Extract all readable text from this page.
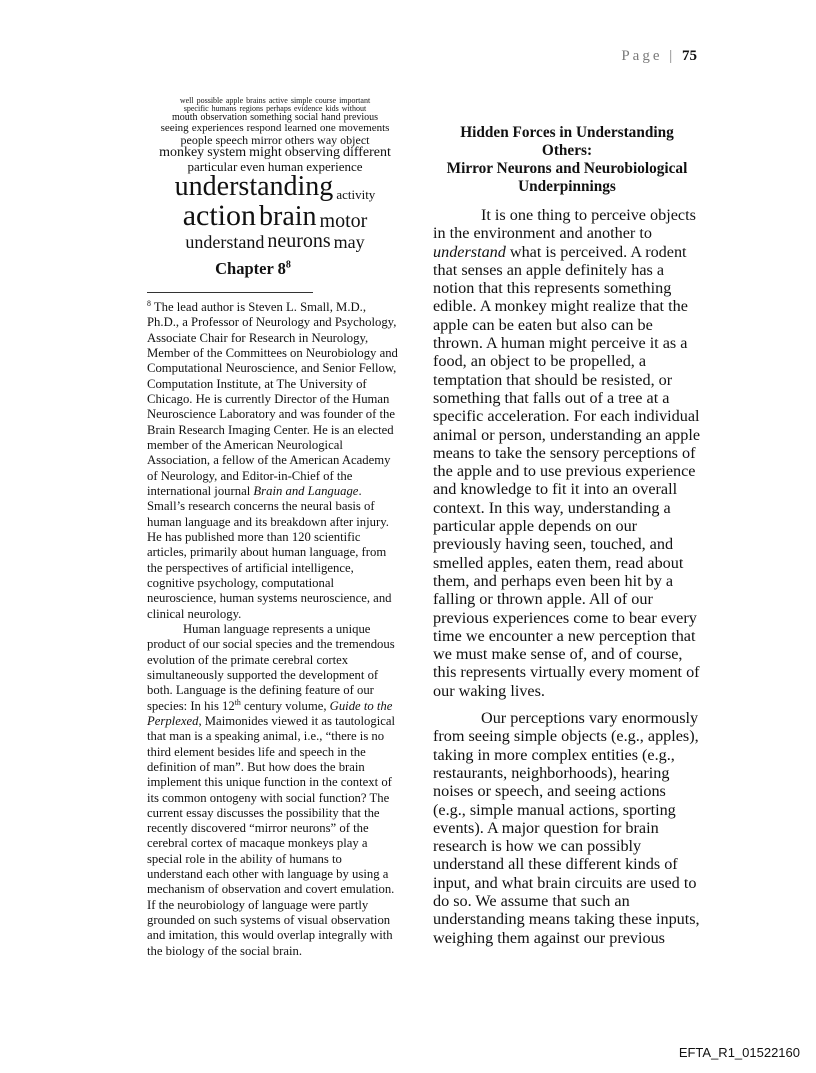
Page | 75
well possible apple brains active simple course important
specific humans regions perhaps evidence kids without
mouth observation something social hand previous
seeing experiences respond learned one movements
people speech mirror others way object
monkey system might observing different
particular even human experience
understanding activity
action brain motor
understand neurons may
Chapter $8^8$
$^8$ The lead author is Steven L. Small, M.D.,
Ph.D., a Professor of Neurology and Psychology,
Associate Chair for Research in Neurology,
Member of the Committees on Neurobiology and
Computational Neuroscience, and Senior Fellow,
Computation Institute, at The University of
Chicago. He is currently Director of the Human
Neuroscience Laboratory and was founder of the
Brain Research Imaging Center. He is an elected
member of the American Neurological
Association, a fellow of the American Academy
of Neurology, and Editor-in-Chief of the
international journal Brain and Language.
Small’s research concerns the neural basis of
human language and its breakdown after injury.
He has published more than 120 scientific
articles, primarily about human language, from
the perspectives of artificial intelligence,
cognitive psychology, computational
neuroscience, human systems neuroscience, and
clinical neurology.
Human language represents a unique
product of our social species and the tremendous
evolution of the primate cerebral cortex
simultaneously supported the development of
both. Language is the defining feature of our
species: In his 12th century volume, Guide to the
Perplexed, Maimonides viewed it as tautological
that man is a speaking animal, i.e., “there is no
third element besides life and speech in the
definition of man”. But how does the brain
implement this unique function in the context of
its common ontogeny with social function? The
current essay discusses the possibility that the
recently discovered “mirror neurons” of the
cerebral cortex of macaque monkeys play a
special role in the ability of humans to
understand each other with language by using a
mechanism of observation and covert emulation.
If the neurobiology of language were partly
grounded on such systems of visual observation
and imitation, this would overlap integrally with
the biology of the social brain.
Hidden Forces in Understanding
Others:
Mirror Neurons and Neurobiological
Underpinnings
It is one thing to perceive objects
in the environment and another to
understand what is perceived. A rodent
that senses an apple definitely has a
notion that this represents something
edible. A monkey might realize that the
apple can be eaten but also can be
thrown. A human might perceive it as a
food, an object to be propelled, a
temptation that should be resisted, or
something that falls out of a tree at a
specific acceleration. For each individual
animal or person, understanding an apple
means to take the sensory perceptions of
the apple and to use previous experience
and knowledge to fit it into an overall
context. In this way, understanding a
particular apple depends on our
previously having seen, touched, and
smelled apples, eaten them, read about
them, and perhaps even been hit by a
falling or thrown apple. All of our
previous experiences come to bear every
time we encounter a new perception that
we must make sense of, and of course,
this represents virtually every moment of
our waking lives.
Our perceptions vary enormously
from seeing simple objects (e.g., apples),
taking in more complex entities (e.g.,
restaurants, neighborhoods), hearing
noises or speech, and seeing actions
(e.g., simple manual actions, sporting
events). A major question for brain
research is how we can possibly
understand all these different kinds of
input, and what brain circuits are used to
do so. We assume that such an
understanding means taking these inputs,
weighing them against our previous
EFTA_R1_01522160
